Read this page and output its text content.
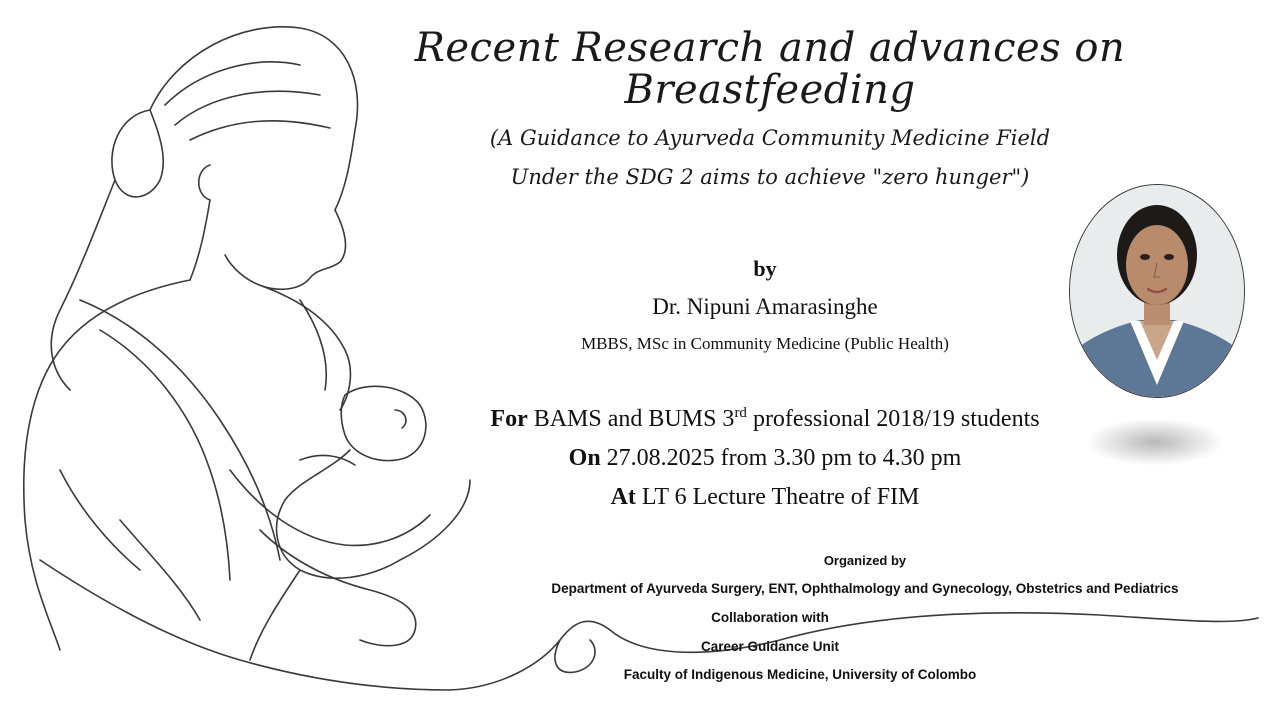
Recent Research and advances on
Breastfeeding
(A Guidance to Ayurveda Community Medicine Field
Under the SDG 2 aims to achieve "zero hunger")
by
Dr. Nipuni Amarasinghe
MBBS, MSc in Community Medicine (Public Health)
For BAMS and BUMS 3rd professional 2018/19 students
On 27.08.2025 from 3.30 pm to 4.30 pm
At LT 6 Lecture Theatre of FIM
Organized by
Department of Ayurveda Surgery, ENT, Ophthalmology and Gynecology, Obstetrics and Pediatrics
Collaboration with
Career Guidance Unit
Faculty of Indigenous Medicine, University of Colombo
